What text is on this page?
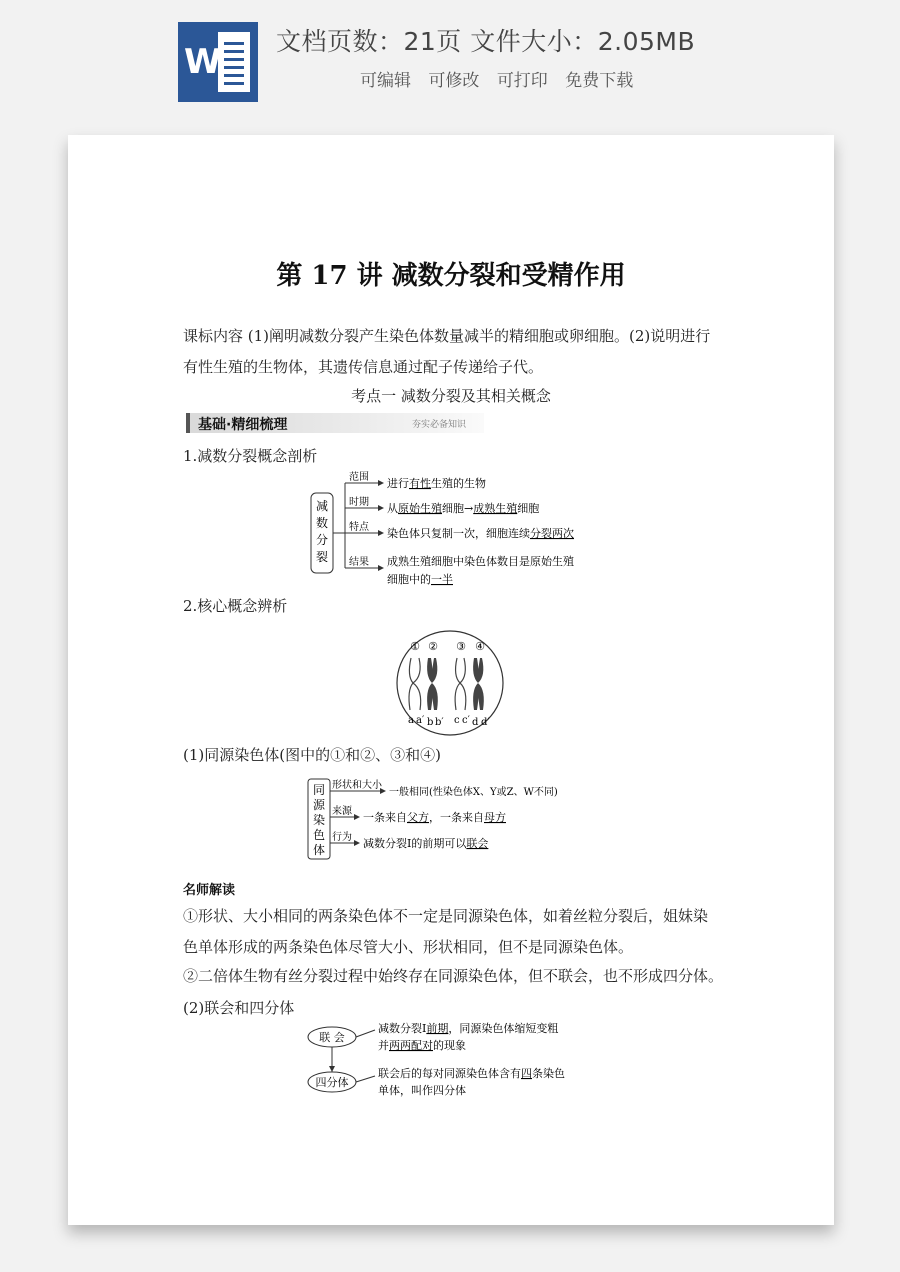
W
文档页数：21页 文件大小：2.05MB
可编辑 可修改 可打印 免费下载
第 17 讲 减数分裂和受精作用
课标内容 (1)阐明减数分裂产生染色体数量减半的精细胞或卵细胞。(2)说明进行有性生殖的生物体，其遗传信息通过配子传递给子代。
考点一 减数分裂及其相关概念
基础·精细梳理	夯实必备知识
1.减数分裂概念剖析
减
数
分
裂
范围 进行有性生殖的生物
时期 从原始生殖细胞→成熟生殖细胞
特点 染色体只复制一次，细胞连续分裂两次
结果 成熟生殖细胞中染色体数目是原始生殖
细胞中的一半
2.核心概念辨析
① ② ③ ④
a a′ b b′ c c′ d d′
(1)同源染色体(图中的①和②、③和④)
同
源
染
色
体
形状和大小
一般相同(性染色体X、Y或Z、W不同)
来源 一条来自父方，一条来自母方
行为 减数分裂Ⅰ的前期可以联会
名师解读
①形状、大小相同的两条染色体不一定是同源染色体，如着丝粒分裂后，姐妹染色单体形成的两条染色体尽管大小、形状相同，但不是同源染色体。
②二倍体生物有丝分裂过程中始终存在同源染色体，但不联会，也不形成四分体。
(2)联会和四分体
联 会
减数分裂Ⅰ前期，同源染色体缩短变粗
并两两配对的现象
四分体
联会后的每对同源染色体含有四条染色
单体，叫作四分体
